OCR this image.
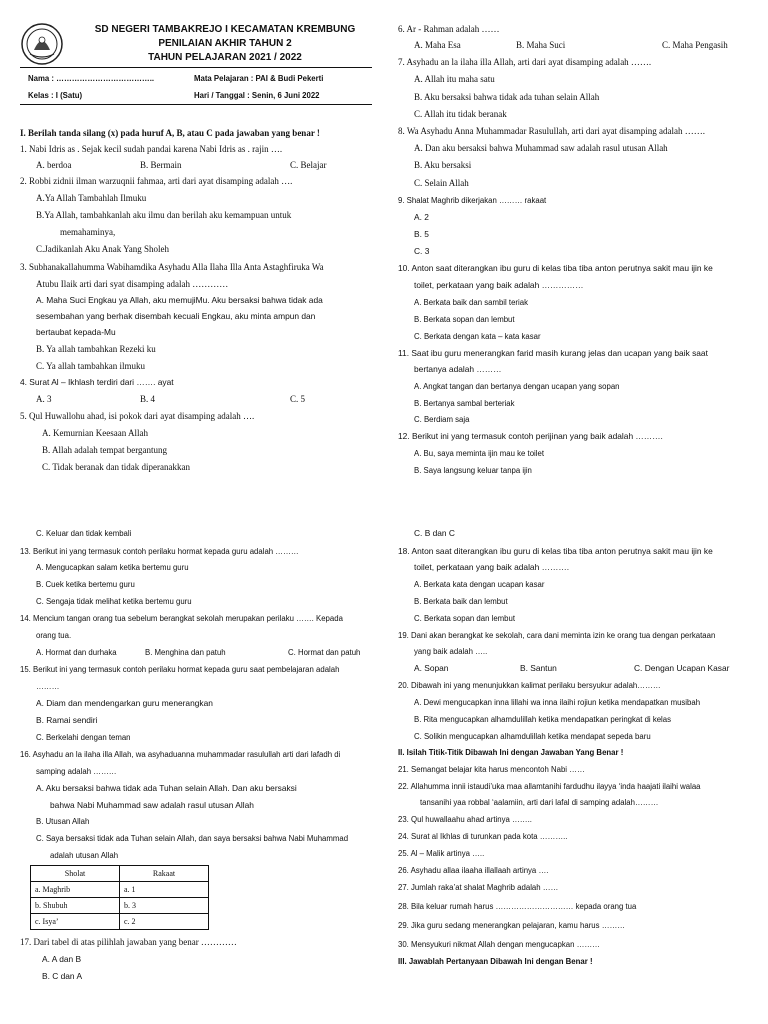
SD NEGERI TAMBAKREJO I KECAMATAN KREMBUNG
PENILAIAN AKHIR TAHUN 2
TAHUN PELAJARAN 2021 / 2022
Nama : ………………………………..	Mata Pelajaran : PAI & Budi Pekerti
Kelas : I (Satu)	Hari / Tanggal : Senin, 6 Juni 2022
I. Berilah tanda silang (x) pada huruf A, B, atau C pada jawaban yang benar !
1. Nabi Idris as . Sejak kecil sudah pandai karena Nabi Idris as . rajin ….
A. berdoa	B. Bermain	C. Belajar
2. Robbi zidnii ilman warzuqnii fahmaa, arti dari ayat disamping adalah ….
A.Ya Allah Tambahlah Ilmuku
B.Ya Allah, tambahkanlah aku ilmu dan berilah aku kemampuan untuk
memahaminya,
C.Jadikanlah Aku Anak Yang Sholeh
3. Subhanakallahumma Wabihamdika Asyhadu Alla Ilaha Illa Anta Astaghfiruka Wa
Atubu Ilaik arti dari syat disamping adalah …………
A. Maha Suci Engkau ya Allah, aku memujiMu. Aku bersaksi bahwa tidak ada
sesembahan yang berhak disembah kecuali Engkau, aku minta ampun dan
bertaubat kepada-Mu
B. Ya allah tambahkan Rezeki ku
C. Ya allah tambahkan ilmuku
4. Surat Al – Ikhlash terdiri dari ……. ayat
A. 3	B. 4	C. 5
5. Qul Huwallohu ahad, isi pokok dari ayat disamping adalah ….
A. Kemurnian Keesaan Allah
B. Allah adalah tempat bergantung
C. Tidak beranak dan tidak diperanakkan
6. Ar - Rahman adalah ……
A. Maha Esa	B. Maha Suci	C. Maha Pengasih
7. Asyhadu an la ilaha illa Allah, arti dari ayat disamping adalah …….
A. Allah itu maha satu
B. Aku bersaksi bahwa tidak ada tuhan selain Allah
C. Allah itu tidak beranak
8. Wa Asyhadu Anna Muhammadar Rasulullah, arti dari ayat disamping adalah …….
A. Dan aku bersaksi bahwa Muhammad saw adalah rasul utusan Allah
B. Aku bersaksi
C. Selain Allah
9. Shalat Maghrib dikerjakan ……… rakaat
A. 2
B. 5
C. 3
10. Anton saat diterangkan ibu guru di kelas tiba tiba anton perutnya sakit mau ijin ke
toilet, perkataan yang baik adalah ……………
A. Berkata baik dan sambil teriak
B. Berkata sopan dan lembut
C. Berkata dengan kata – kata kasar
11. Saat ibu guru menerangkan farid masih kurang jelas dan ucapan yang baik saat
bertanya adalah ………
A. Angkat tangan dan bertanya dengan ucapan yang sopan
B. Bertanya sambal berteriak
C. Berdiam saja
12. Berikut ini yang termasuk contoh perijinan yang baik adalah ……….
A. Bu, saya meminta ijin mau ke toilet
B. Saya langsung keluar tanpa ijin
C. Keluar dan tidak kembali
13. Berikut ini yang termasuk contoh perilaku hormat kepada guru adalah ………
A. Mengucapkan salam ketika bertemu guru
B. Cuek ketika bertemu guru
C. Sengaja tidak melihat ketika bertemu guru
14. Mencium tangan orang tua sebelum berangkat sekolah merupakan perilaku ……. Kepada
orang tua.
A. Hormat dan durhaka	B. Menghina dan patuh	C. Hormat dan patuh
15. Berikut ini yang termasuk contoh perilaku hormat kepada guru saat pembelajaran adalah
………
A. Diam dan mendengarkan guru menerangkan
B. Ramai sendiri
C. Berkelahi dengan teman
16. Asyhadu an la ilaha illa Allah, wa asyhaduanna muhammadar rasulullah arti dari lafadh di
samping adalah ………
A. Aku bersaksi bahwa tidak ada Tuhan selain Allah. Dan aku bersaksi
bahwa Nabi Muhammad saw adalah rasul utusan Allah
B. Utusan Allah
C. Saya bersaksi tidak ada Tuhan selain Allah, dan saya bersaksi bahwa Nabi Muhammad
adalah utusan Allah
17. Dari tabel di atas pilihlah jawaban yang benar …………
A. A dan B
B. C dan A
C. B dan C
18. Anton saat diterangkan ibu guru di kelas tiba tiba anton perutnya sakit mau ijin ke
toilet, perkataan yang baik adalah ……….
A. Berkata kata dengan ucapan kasar
B. Berkata baik dan lembut
C. Berkata sopan dan lembut
19. Dani akan berangkat ke sekolah, cara dani meminta izin ke orang tua dengan perkataan
yang baik adalah …..
A. Sopan	B. Santun	C. Dengan Ucapan Kasar
20. Dibawah ini yang menunjukkan kalimat perilaku bersyukur adalah………
A. Dewi mengucapkan inna lillahi wa inna ilaihi rojiun ketika mendapatkan musibah
B. Rita mengucapkan alhamdulillah ketika mendapatkan peringkat di kelas
C. Solikin mengucapkan alhamdulillah ketika mendapat sepeda baru
II. Isilah Titik-Titik Dibawah Ini dengan Jawaban Yang Benar !
21. Semangat belajar kita harus mencontoh Nabi ……
22. Allahumma innii istaudi’uka maa allamtanihi fardudhu ilayya ‘inda haajati ilaihi walaa
tansanihi yaa robbal ‘aalamiin, arti dari lafal di samping adalah………
23. Qul huwallaahu ahad artinya ……..
24. Surat al Ikhlas di turunkan pada kota ………..
25. Al – Malik artinya …..
26. Asyhadu allaa ilaaha illallaah artinya ….
27. Jumlah raka’at shalat Maghrib adalah ……
28. Bila keluar rumah harus ………………………… kepada orang tua
29. Jika guru sedang menerangkan pelajaran, kamu harus ………
30. Mensyukuri nikmat Allah dengan mengucapkan ………
III. Jawablah Pertanyaan Dibawah Ini dengan Benar !
Sholat	Rakaat
a. Maghrib	a. 1
b. Shubuh	b. 3
c. Isya’	c. 2
